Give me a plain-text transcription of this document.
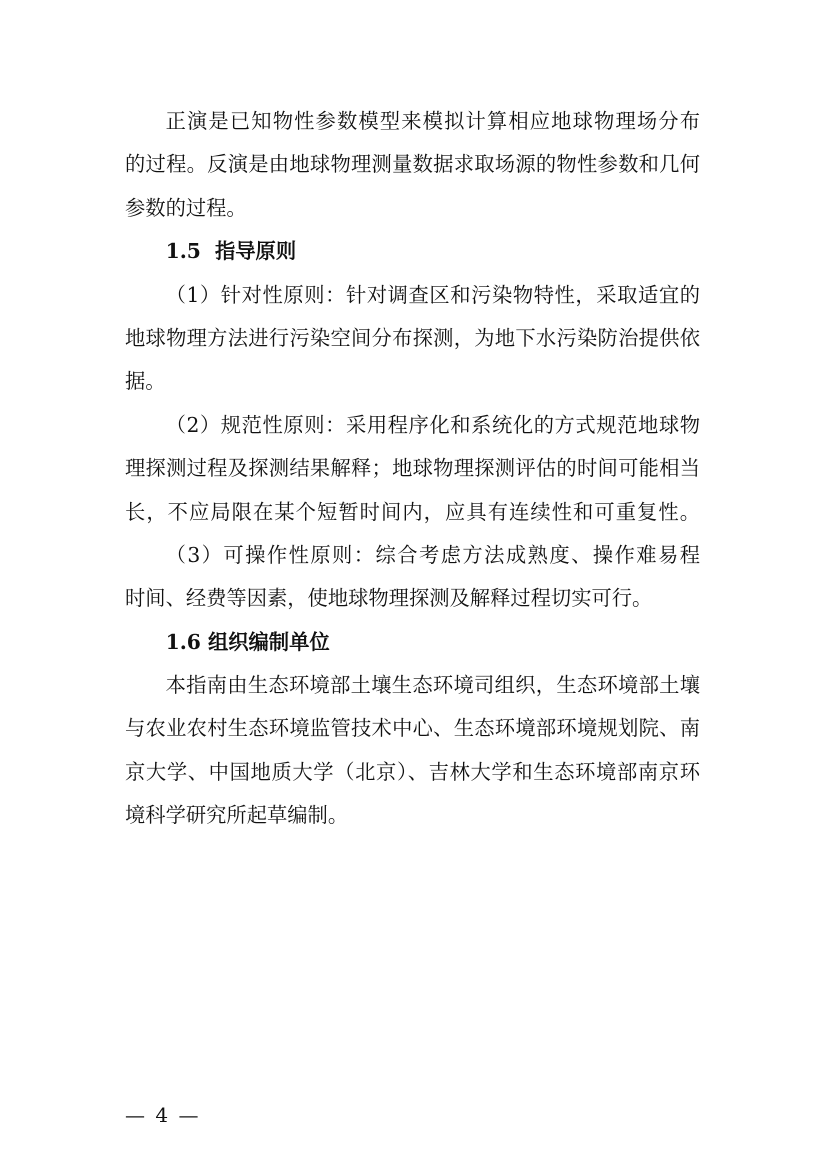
正演是已知物性参数模型来模拟计算相应地球物理场分布
的过程。反演是由地球物理测量数据求取场源的物性参数和几何
参数的过程。
1.5  指导原则
（1）针对性原则：针对调查区和污染物特性，采取适宜的
地球物理方法进行污染空间分布探测，为地下水污染防治提供依
据。
（2）规范性原则：采用程序化和系统化的方式规范地球物
理探测过程及探测结果解释；地球物理探测评估的时间可能相当
长，不应局限在某个短暂时间内，应具有连续性和可重复性。
（3）可操作性原则：综合考虑方法成熟度、操作难易程
时间、经费等因素，使地球物理探测及解释过程切实可行。
1.6 组织编制单位
本指南由生态环境部土壤生态环境司组织，生态环境部土壤
与农业农村生态环境监管技术中心、生态环境部环境规划院、南
京大学、中国地质大学（北京）、吉林大学和生态环境部南京环
境科学研究所起草编制。
— 4 —
